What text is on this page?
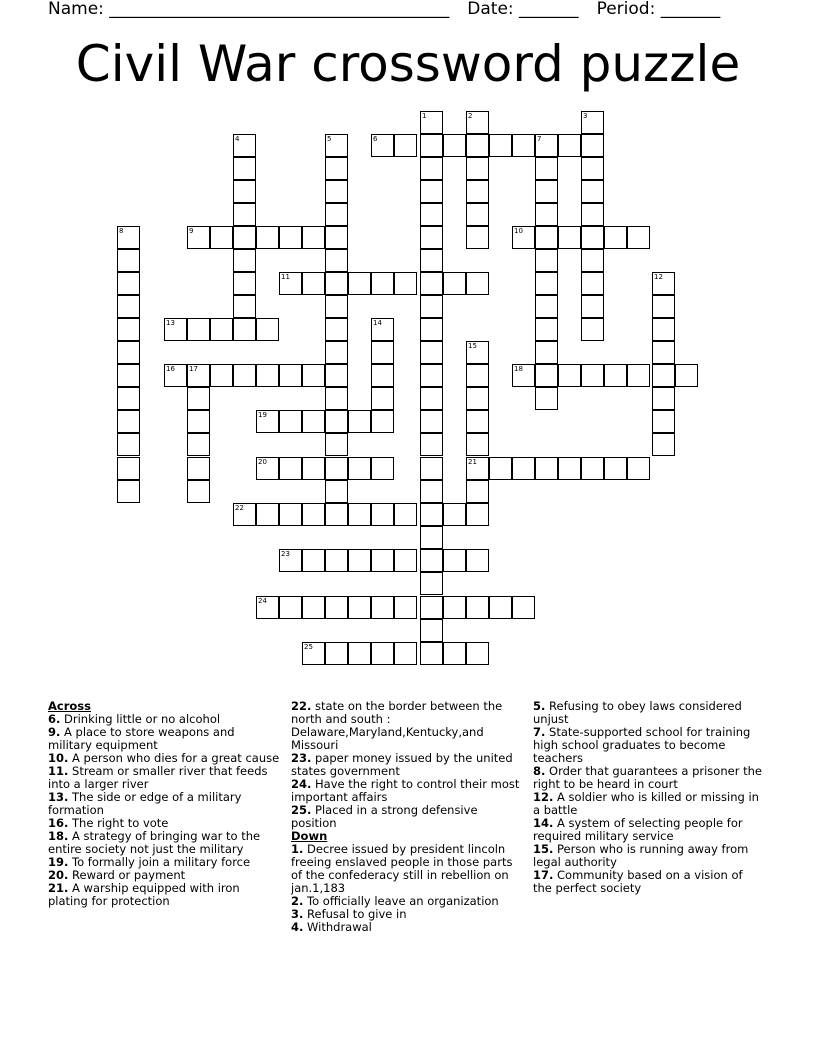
Name: ________________________________________ Date: _______ Period: _______
Civil War crossword puzzle
1	2	3
4	5	6	7
8	9	10
11	12
13	14
15
16 17	18
19
20	21
22
23
24
25
Across
6. Drinking little or no alcohol
9. A place to store weapons and military equipment
10. A person who dies for a great cause
11. Stream or smaller river that feeds into a larger river
13. The side or edge of a military formation
16. The right to vote
18. A strategy of bringing war to the entire society not just the military
19. To formally join a military force
20. Reward or payment
21. A warship equipped with iron plating for protection
22. state on the border between the north and south : Delaware,Maryland,Kentucky,and Missouri
23. paper money issued by the united states government
24. Have the right to control their most important affairs
25. Placed in a strong defensive position
Down
1. Decree issued by president lincoln freeing enslaved people in those parts of the confederacy still in rebellion on jan.1,183
2. To officially leave an organization
3. Refusal to give in
4. Withdrawal
5. Refusing to obey laws considered unjust
7. State-supported school for training high school graduates to become teachers
8. Order that guarantees a prisoner the right to be heard in court
12. A soldier who is killed or missing in a battle
14. A system of selecting people for required military service
15. Person who is running away from legal authority
17. Community based on a vision of the perfect society
